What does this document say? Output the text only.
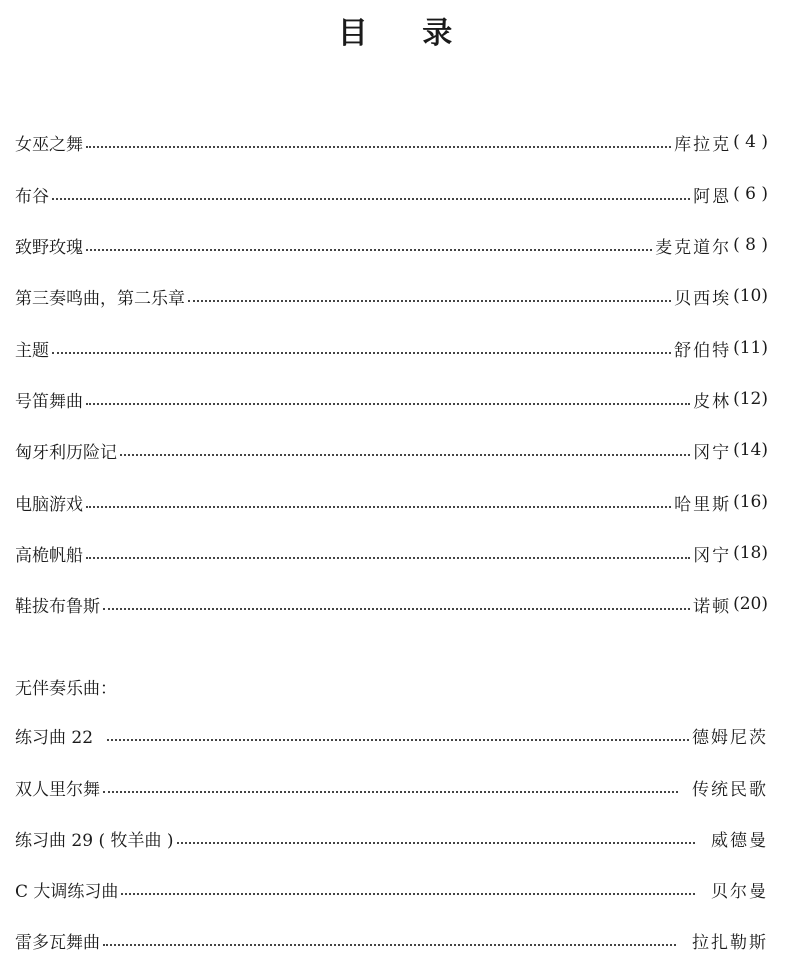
目 录
女巫之舞	库拉克 ( 4 )
布谷	阿恩 ( 6 )
致野玫瑰	麦克道尔 ( 8 )
第三奏鸣曲，第二乐章	贝西埃 (10)
主题	舒伯特 (11)
号笛舞曲	皮林 (12)
匈牙利历险记	冈宁 (14)
电脑游戏	哈里斯 (16)
高桅帆船	冈宁 (18)
鞋拔布鲁斯	诺顿 (20)
练习曲 22	德姆尼茨
双人里尔舞	传统民歌
练习曲 29 ( 牧羊曲 )	威德曼
C 大调练习曲	贝尔曼
雷多瓦舞曲	拉扎勒斯
无伴奏乐曲：
